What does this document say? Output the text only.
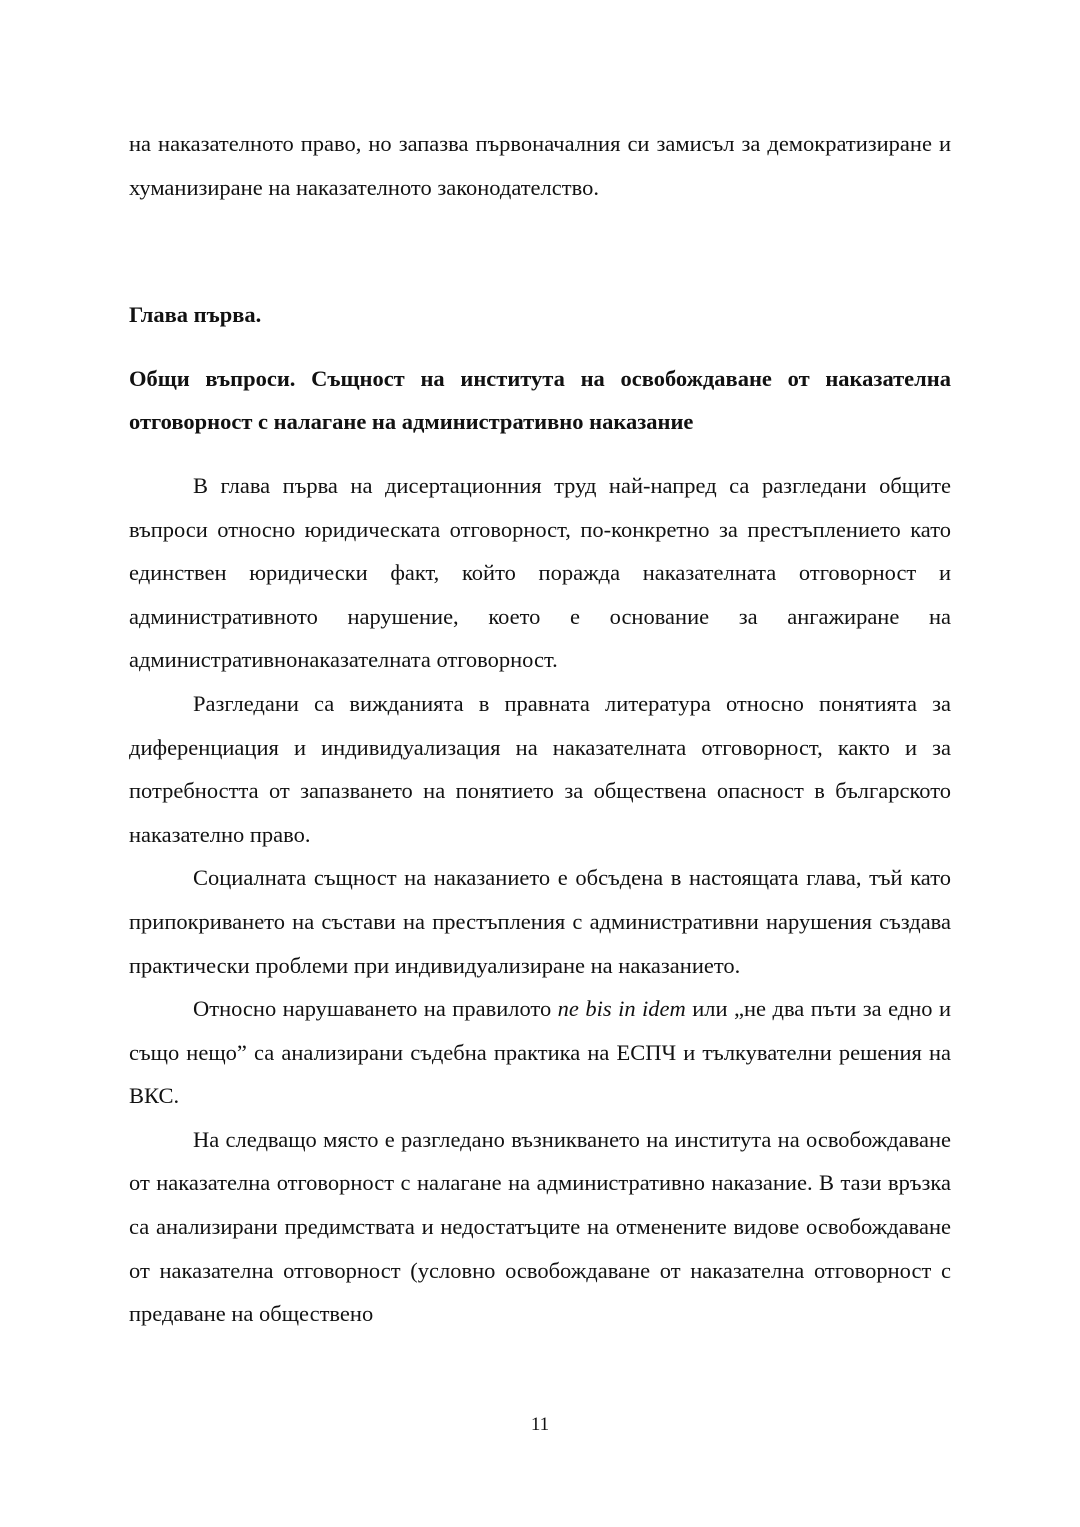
на наказателното право, но запазва първоначалния си замисъл за демократизиране и хуманизиране на наказателното законодателство.

Глава първа.

Общи въпроси. Същност на института на освобождаване от наказателна отговорност с налагане на административно наказание

В глава първа на дисертационния труд най-напред са разгледани общите въпроси относно юридическата отговорност, по-конкретно за престъплението като единствен юридически факт, който поражда наказателната отговорност и административното нарушение, което е основание за ангажиране на административнонаказателната отговорност.

Разгледани са вижданията в правната литература относно понятията за диференциация и индивидуализация на наказателната отговорност, както и за потребността от запазването на понятието за обществена опасност в българското наказателно право.

Социалната същност на наказанието е обсъдена в настоящата глава, тъй като припокриването на състави на престъпления с административни нарушения създава практически проблеми при индивидуализиране на наказанието.

Относно нарушаването на правилото ne bis in idem или „не два пъти за едно и също нещо” са анализирани съдебна практика на ЕСПЧ и тълкувателни решения на ВКС.

На следващо място е разгледано възникването на института на освобождаване от наказателна отговорност с налагане на административно наказание. В тази връзка са анализирани предимствата и недостатъците на отменените видове освобождаване от наказателна отговорност (условно освобождаване от наказателна отговорност с предаване на обществено

11
